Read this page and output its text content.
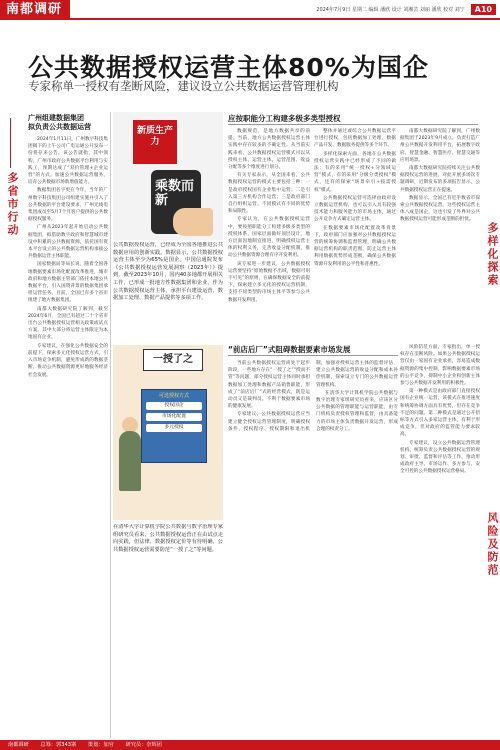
南都调研	2024年7月9日 星期二 编辑 潘欣 设计 刘湘芸 刘丽 潘欣 校对 刘宁	A10
公共数据授权运营主体80%为国企
专家称单一授权有垄断风险，建议设立公共数据运营管理机构
多省市行动
多样化探索
风险及防范
广州组建数据集团
拟负责公共数据运营

2024年1月11日，广州数字科技集团揭下的上午公司广电运通公开发布一份将存来公告。该公告就指，其中领购，广州市政府公共数据平台利用与实践工，预期达成了“双价管理+企业运营”的方式。加速公共数据运营服务，培育公共数据市场新增值能力。

数据集团名字更在今年，当年的广州数字科技集团公司组建实施并引入了公共数据的平台建设要求，广州无线电集团成员至5月7个月客户提供的公共数据授权服务。

广州从2023年起开始启动公共数据集团，拟借助数字政府和智慧城市建设中积累的公共数据资源，依托国有资本平台设立的公共数据运营机构承接公共数据运营主体职能。

国家数据局等局长说，随着全国各地数据要素市场化配置改革推进，城市政府和地方数据主管部门依托本地公共数据平台，引入国资背景的数据集团承担运营任务。目前，全国已有多个省市组建了地方数据集团。

南都大数据研究院了解到，截至2024年6月，全国已有超过二十个省市出台公共数据授权运营相关政策或试点方案，其中大部分将运营主体限定为本地国有企业。

专家建议，在强化公共数据安全的前提下，探索多元化授权运营方式，引入市场竞争机制，避免形成新的数据垄断，推动公共数据资源更好地服务经济社会发展。

新质生产力
乘数而新
公共数据授权运营，已经成为全国各地推进公共数据应用的创新实践。数据显示，公共数据授权运营主体至少为65%是国企。中国信通院发布《公共数据授权运营发展洞察（2023年）》提到，截至2023年10月，国内40多地都开展相关工作，已形成一批地方性数据集团和企业，作为公共数据授权运营主体，承担平台建设运营、数据加工处理、数据产品提供等多项工作。
一授了之
可选授权方式
授权国企
市场化配置
多元授权
在清华大学计算机学院公共数据与数字治理专家组研究员看来，公共数据授权运营正在由试点走向实践，但法律、数据授权定价等有待明确，公共数据授权运营需要防范“一授了之”等问题。
应按职能分工构建多级多类型授权

数据规范，是地方数据共享的前提。当前，地方公共数据授权运营主体实践中存在较多的不确定性。从当前实践来看，公共数据授权运营模式可以从授权主体、运营主体、运营范围、收益分配等多个维度进行划分。

有关专家表示，从全国来看，公共数据授权运营的模式主要包括三种：一是政府授权国有企业集中运营；二是引入第三方机构合作运营；三是政府部门自行组织运营。不同模式有不同的优势和局限性。

专家认为，在公共数据授权运营中，要按照职能分工构建多级多类型的授权体系，国家层面做好顶层设计，地方层面因地制宜推进，明确授权运营主体的权利义务，完善收益分配机制，推动公共数据资源合理有序开发利用。

该专家进一步建议，公共数据授权运营要坚持“原始数据不出域，数据可用不可见”的原则，在确保数据安全的前提下，探索建立多元化的授权运营机制，支持不同类型的市场主体平等参与公共数据开发利用。

整体并通过或综合公共数据运营平台进行授权，包括数据加工处理、数据产品开发、数据服务提供等多个环节。

多样化探索方面，各地在公共数据授权运营实践中已经形成了不同的做法：有的采用“统一授权+分领域运营”模式，有的采用“分级分类授权”模式，还有的探索“场景牵引+按需授权”模式。

公共数据授权运营可选择由政府设立数据运营机构，也可以引入具有较强技术能力和服务能力的市场主体，通过公开竞争方式确定运营主体。

在数据要素市场化配置改革背景下，政府部门应加强对公共数据授权运营的统筹协调和监督管理，明确公共数据运营机构的职责范围，防止运营主体利用数据优势形成垄断，确保公共数据资源开发利用的公平性和普惠性。

南都大数据研究院了解到，广州数据集团于2023年9月成立，负责打造广州公共数据开发利用平台，拓展数字政府、智慧金融、智慧医疗、智慧交通等应用场景。

南都大数据研究院持续关注公共数据授权运营的进展，对此开展多场次专题调研，近期发布的多项报告显示，公共数据授权运营正在提速。

数据显示，全国已有近半数省市探索公共数据授权运营，这些授权运营主体八成是国企，这也引发了外界对公共数据授权运营可能形成垄断的担忧。

“前店后厂”式阻碍数据要素市场发展

当前公共数据授权运营尚处于起步阶段，一些地方存在“一授了之”“授而不管”等问题，部分授权运营主体同时承担数据加工处理和数据产品销售职能，形成了“前店后厂”式的经营模式，既是运动员又是裁判员，不利于数据要素市场的健康发展。

专家建议，公共数据授权运营应当建立健全授权运营管理制度，明确授权条件、授权程序、授权期限和退出机制，加强对授权运营主体的监督评估，建立公共数据运营的收益分配和成本补偿机制，探索设立专门的公共数据运营管理机构。

在清华大学计算机学院公共数据与数字治理专家组研究员看来，应该区分公共数据的管理职能与运营职能，由专门机构负责授权管理和监督，由具备能力的市场主体负责数据开发运营，形成合理的权责分工。

风险防范方面，专家指出，单一授权存在垄断风险。如果公共数据授权运营仅由一家国有企业承担，容易造成数据资源的集中控制，影响数据要素市场的公平竞争，抑制中小企业和创新主体参与公共数据开发利用的积极性。

第一种模式是由政府部门直接授权国有企业统一运营，该模式在推进速度和统筹协调方面具有优势，但存在竞争不足的问题。第二种模式是通过公开招标等方式引入多家运营主体，有利于形成竞争，但对政府的监管能力要求较高。

专家建议，设立公共数据运营管理机构，统筹负责公共数据授权运营的规划、审批、监督和评估等工作，推动形成政府主导、市场运作、多方参与、安全可控的公共数据授权运营格局。

南都调研 总筹：郭343寨 策划：加官 研究员：奈辉团
